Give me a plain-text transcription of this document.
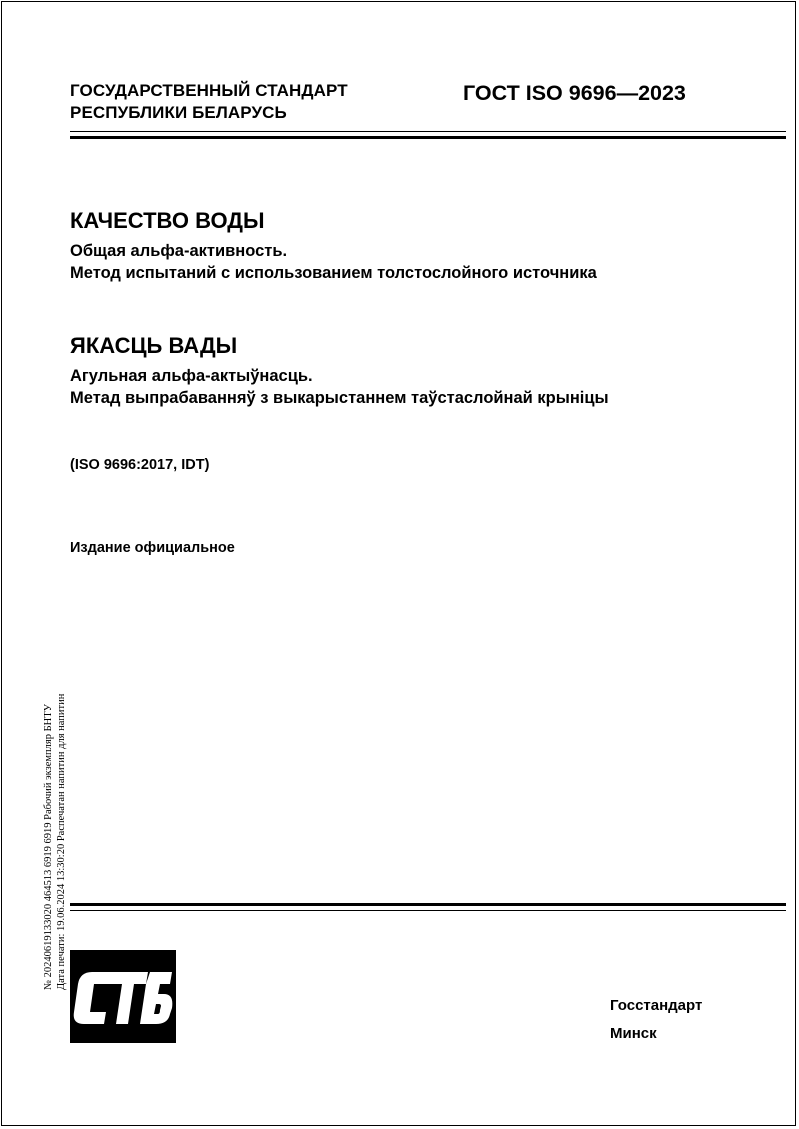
ГОСУДАРСТВЕННЫЙ СТАНДАРТ
РЕСПУБЛИКИ БЕЛАРУСЬ
ГОСТ ISO 9696—2023
КАЧЕСТВО ВОДЫ
Общая альфа-активность.
Метод испытаний с использованием толстослойного источника
ЯКАСЦЬ ВАДЫ
Агульная альфа-актыўнасць.
Метад выпрабаванняў з выкарыстаннем таўстаслойнай крыніцы
(ISO 9696:2017, IDT)
Издание официальное
№ 20240619133020 464513 6919 6919 Рабочий экземпляр БНТУ Дата печати: 19.06.2024 13:30:20 Распечатан напитин для напитин
Госстандарт
Минск
